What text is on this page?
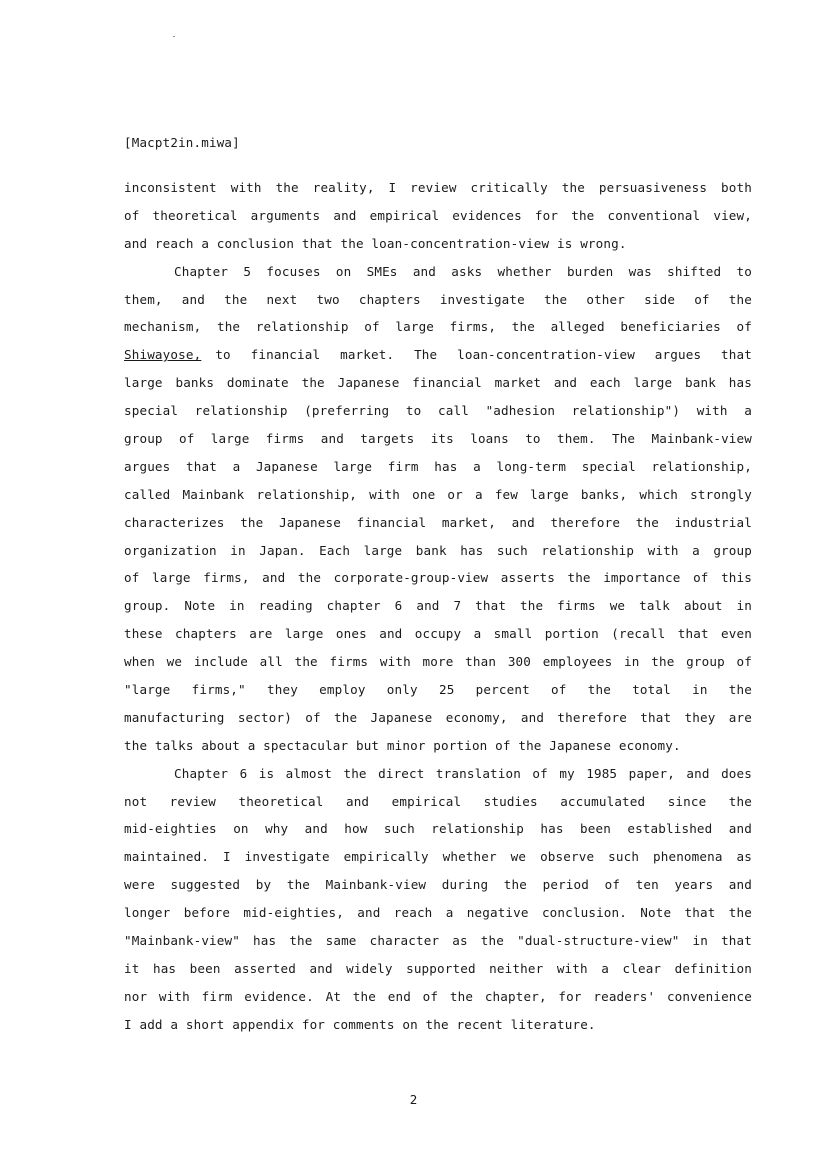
[Macpt2in.miwa]
inconsistent with the reality, I review critically the persuasiveness both
of theoretical arguments and empirical evidences for the conventional view,
and reach a conclusion that the loan-concentration-view is wrong.
Chapter 5 focuses on SMEs and asks whether burden was shifted to
them, and the next two chapters investigate the other side of the
mechanism, the relationship of large firms, the alleged beneficiaries of
Shiwayose,	to financial market. The loan-concentration-view argues that
large banks dominate the Japanese financial market and each large bank has
special relationship (preferring to call "adhesion relationship") with a
group of large firms and targets its loans to them. The Mainbank-view
argues that a Japanese large firm has a long-term special relationship,
called Mainbank relationship, with one or a few large banks, which strongly
characterizes the Japanese financial market, and therefore the industrial
organization in Japan. Each large bank has such relationship with a group
of large firms, and the corporate-group-view asserts the importance of this
group. Note in reading chapter 6 and 7 that the firms we talk about in
these chapters are large ones and occupy a small portion (recall that even
when we include all the firms with more than 300 employees in the group of
"large firms," they employ only 25 percent of the total in the
manufacturing sector) of the Japanese economy, and therefore that they are
the talks about a spectacular but minor portion of the Japanese economy.
Chapter 6 is almost the direct translation of my 1985 paper, and does
not review theoretical and empirical studies accumulated since the
mid-eighties on why and how such relationship has been established and
maintained. I investigate empirically whether we observe such phenomena as
were suggested by the Mainbank-view during the period of ten years and
longer before mid-eighties, and reach a negative conclusion. Note that the
"Mainbank-view" has the same character as the "dual-structure-view" in that
it has been asserted and widely supported neither with a clear definition
nor with firm evidence. At the end of the chapter, for readers' convenience
I add a short appendix for comments on the recent literature.
2
